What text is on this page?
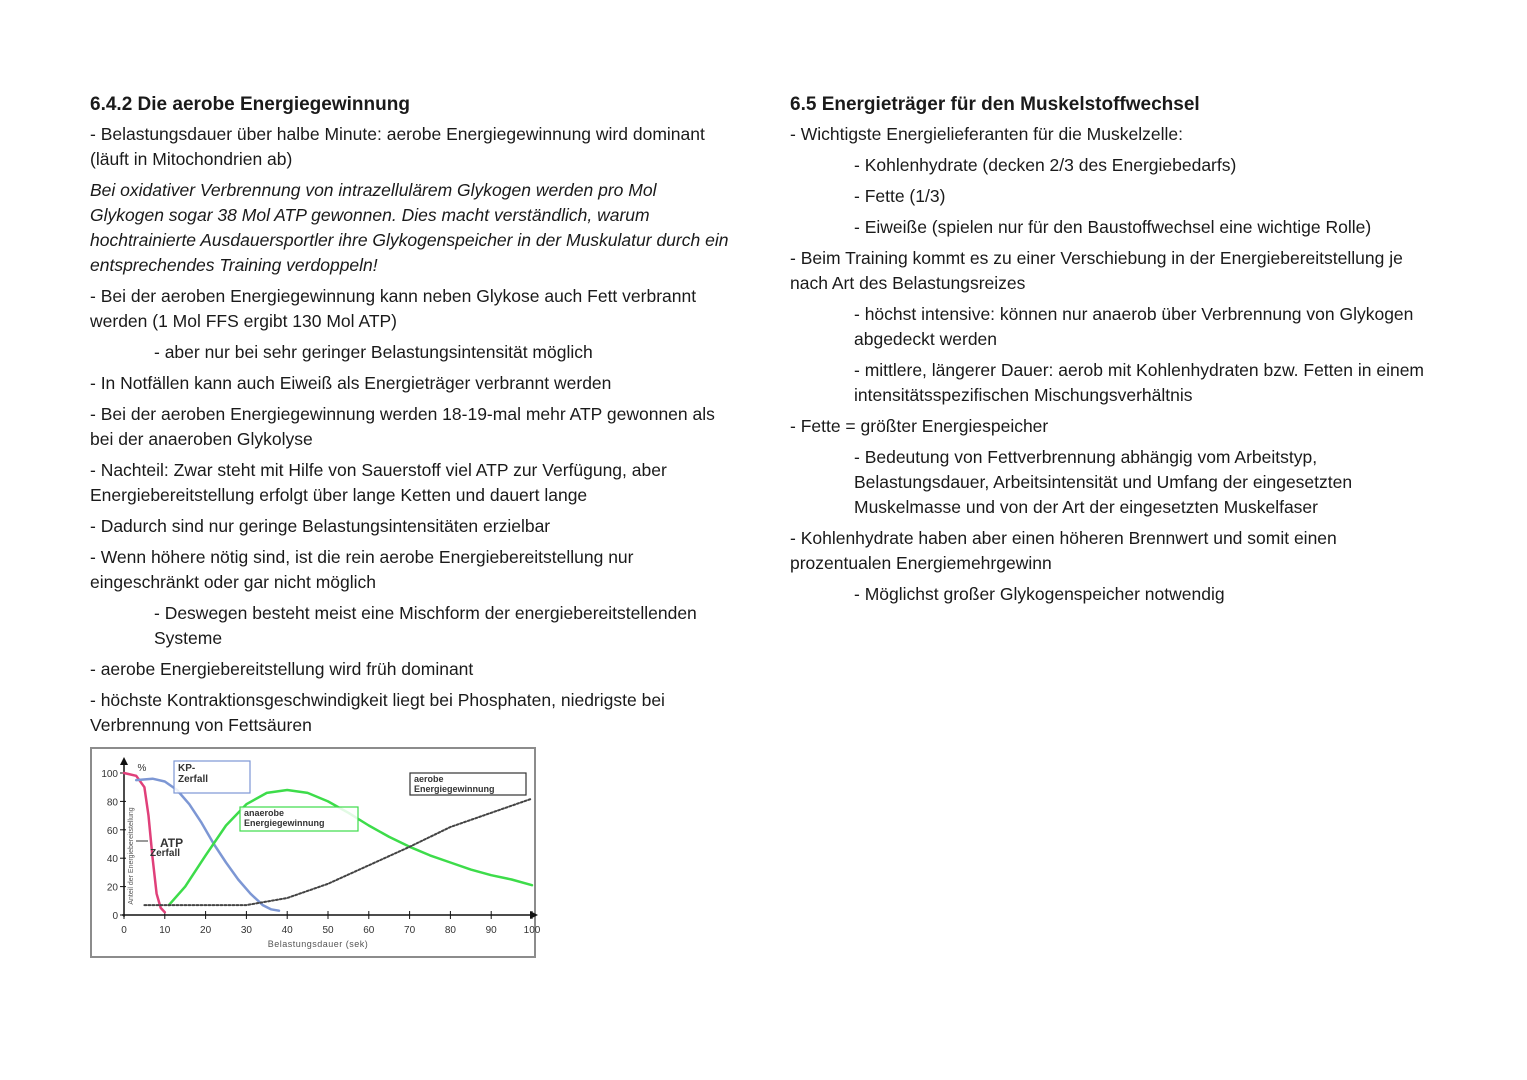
6.4.2 Die aerobe Energiegewinnung
- Belastungsdauer über halbe Minute: aerobe Energiegewinnung wird dominant (läuft in Mitochondrien ab)
Bei oxidativer Verbrennung von intrazellulärem Glykogen werden pro Mol Glykogen sogar 38 Mol ATP gewonnen. Dies macht verständlich, warum hochtrainierte Ausdauersportler ihre Glykogenspeicher in der Muskulatur durch ein entsprechendes Training verdoppeln!
- Bei der aeroben Energiegewinnung kann neben Glykose auch Fett verbrannt werden (1 Mol FFS ergibt 130 Mol ATP)
- aber nur bei sehr geringer Belastungsintensität möglich
- In Notfällen kann auch Eiweiß als Energieträger verbrannt werden
- Bei der aeroben Energiegewinnung werden 18-19-mal mehr ATP gewonnen als bei der anaeroben Glykolyse
- Nachteil: Zwar steht mit Hilfe von Sauerstoff viel ATP zur Verfügung, aber Energiebereitstellung erfolgt über lange Ketten und dauert lange
- Dadurch sind nur geringe Belastungsintensitäten erzielbar
- Wenn höhere nötig sind, ist die rein aerobe Energiebereitstellung nur eingeschränkt oder gar nicht möglich
- Deswegen besteht meist eine Mischform der energiebereitstellenden Systeme
- aerobe Energiebereitstellung wird früh dominant
- höchste Kontraktionsgeschwindigkeit liegt bei Phosphaten, niedrigste bei Verbrennung von Fettsäuren
6.5 Energieträger für den Muskelstoffwechsel
- Wichtigste Energielieferanten für die Muskelzelle:
- Kohlenhydrate (decken 2/3 des Energiebedarfs)
- Fette (1/3)
- Eiweiße (spielen nur für den Baustoffwechsel eine wichtige Rolle)
- Beim Training kommt es zu einer Verschiebung in der Energiebereitstellung je nach Art des Belastungsreizes
- höchst intensive: können nur anaerob über Verbrennung von Glykogen abgedeckt werden
- mittlere, längerer Dauer: aerob mit Kohlenhydraten bzw. Fetten in einem intensitätsspezifischen Mischungsverhältnis
- Fette = größter Energiespeicher
- Bedeutung von Fettverbrennung abhängig vom Arbeitstyp, Belastungsdauer, Arbeitsintensität und Umfang der eingesetzten Muskelmasse und von der Art der eingesetzten Muskelfaser
- Kohlenhydrate haben aber einen höheren Brennwert und somit einen prozentualen Energiemehrgewinn
- Möglichst großer Glykogenspeicher notwendig
0	10	20	30	40	50	60	70	80	90	100
0
20
40
60
80
100
%
Belastungsdauer (sek)
Anteil der Energiebereitstellung
KP-
Zerfall
anaerobe
Energiegewinnung
aerobe
Energiegewinnung
ATP
Zerfall
